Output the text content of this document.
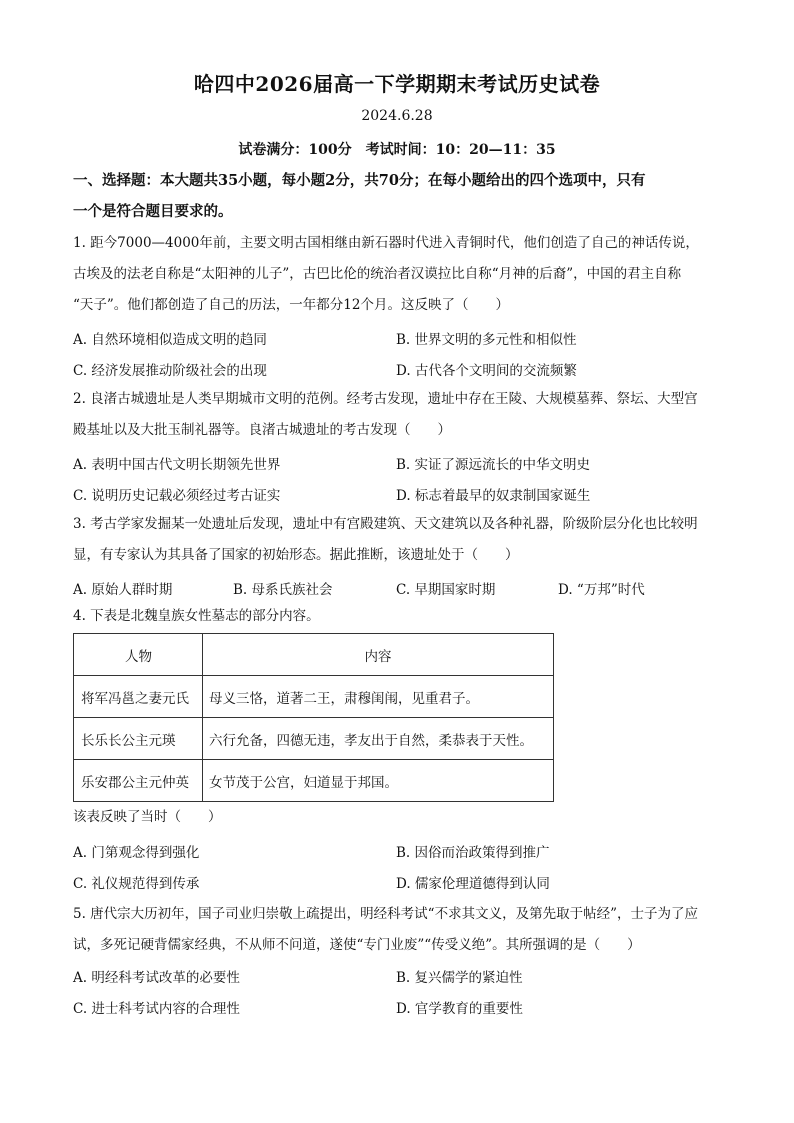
哈四中2026届高一下学期期末考试历史试卷
2024.6.28
试卷满分：100分　考试时间：10：20—11：35
一、选择题：本大题共35小题，每小题2分，共70分；在每小题给出的四个选项中，只有
一个是符合题目要求的。
1. 距今7000—4000年前，主要文明古国相继由新石器时代进入青铜时代，他们创造了自己的神话传说，
古埃及的法老自称是“太阳神的儿子”，古巴比伦的统治者汉谟拉比自称“月神的后裔”，中国的君主自称
“天子”。他们都创造了自己的历法，一年都分12个月。这反映了（　　）
A. 自然环境相似造成文明的趋同	B. 世界文明的多元性和相似性
C. 经济发展推动阶级社会的出现	D. 古代各个文明间的交流频繁
2. 良渚古城遗址是人类早期城市文明的范例。经考古发现，遗址中存在王陵、大规模墓葬、祭坛、大型宫
殿基址以及大批玉制礼器等。良渚古城遗址的考古发现（　　）
A. 表明中国古代文明长期领先世界	B. 实证了源远流长的中华文明史
C. 说明历史记载必须经过考古证实	D. 标志着最早的奴隶制国家诞生
3. 考古学家发掘某一处遗址后发现，遗址中有宫殿建筑、天文建筑以及各种礼器，阶级阶层分化也比较明
显，有专家认为其具备了国家的初始形态。据此推断，该遗址处于（　　）
A. 原始人群时期	B. 母系氏族社会	C. 早期国家时期	D. “万邦”时代
4. 下表是北魏皇族女性墓志的部分内容。
人物	内容
将军冯邕之妻元氏	母义三恪，道著二王，肃穆闺闱，见重君子。
长乐长公主元瑛	六行允备，四德无违，孝友出于自然，柔恭表于天性。
乐安郡公主元仲英	女节茂于公宫，妇道显于邦国。
该表反映了当时（　　）
A. 门第观念得到强化	B. 因俗而治政策得到推广
C. 礼仪规范得到传承	D. 儒家伦理道德得到认同
5. 唐代宗大历初年，国子司业归崇敬上疏提出，明经科考试“不求其文义，及第先取于帖经”，士子为了应
试，多死记硬背儒家经典，不从师不问道，遂使“专门业废”“传受义绝”。其所强调的是（　　）
A. 明经科考试改革的必要性	B. 复兴儒学的紧迫性
C. 进士科考试内容的合理性	D. 官学教育的重要性
